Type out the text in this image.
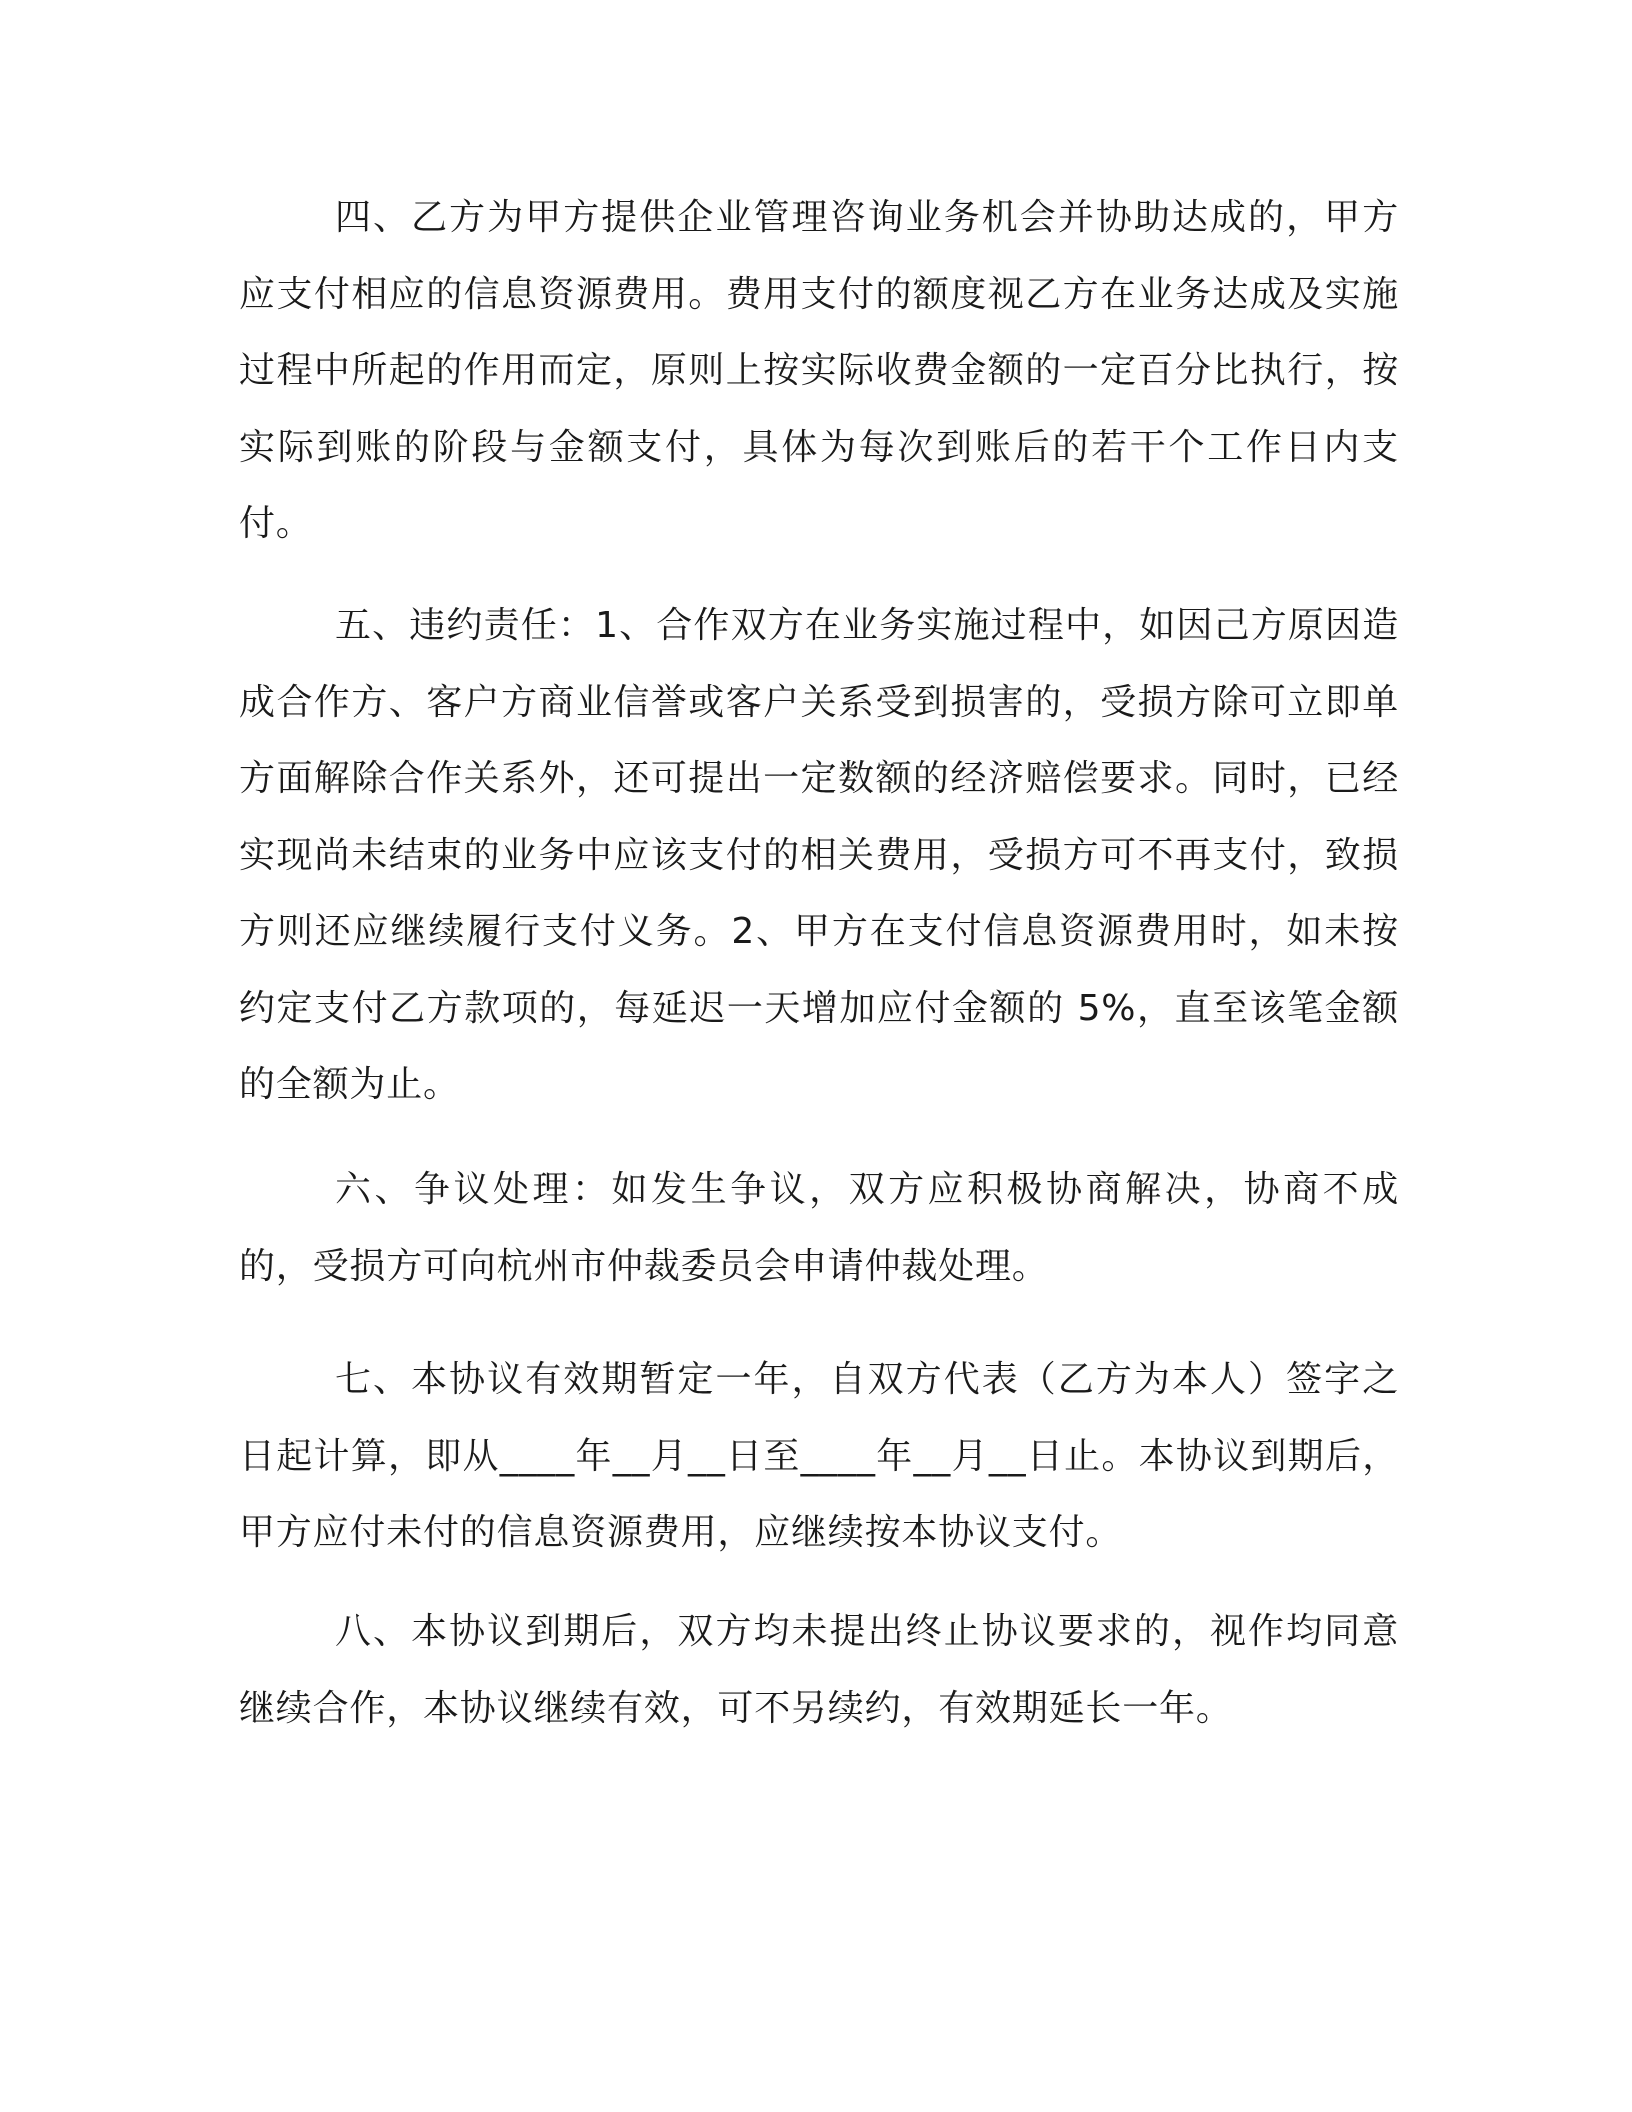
四、乙方为甲方提供企业管理咨询业务机会并协助达成的，甲方应支付相应的信息资源费用。费用支付的额度视乙方在业务达成及实施过程中所起的作用而定，原则上按实际收费金额的一定百分比执行，按实际到账的阶段与金额支付，具体为每次到账后的若干个工作日内支付。

五、违约责任：1、合作双方在业务实施过程中，如因己方原因造成合作方、客户方商业信誉或客户关系受到损害的，受损方除可立即单方面解除合作关系外，还可提出一定数额的经济赔偿要求。同时，已经实现尚未结束的业务中应该支付的相关费用，受损方可不再支付，致损方则还应继续履行支付义务。2、甲方在支付信息资源费用时，如未按约定支付乙方款项的，每延迟一天增加应付金额的 5%，直至该笔金额的全额为止。

六、争议处理：如发生争议，双方应积极协商解决，协商不成的，受损方可向杭州市仲裁委员会申请仲裁处理。

七、本协议有效期暂定一年，自双方代表（乙方为本人）签字之日起计算，即从____年__月__日至____年__月__日止。本协议到期后，甲方应付未付的信息资源费用，应继续按本协议支付。

八、本协议到期后，双方均未提出终止协议要求的，视作均同意继续合作，本协议继续有效，可不另续约，有效期延长一年。
